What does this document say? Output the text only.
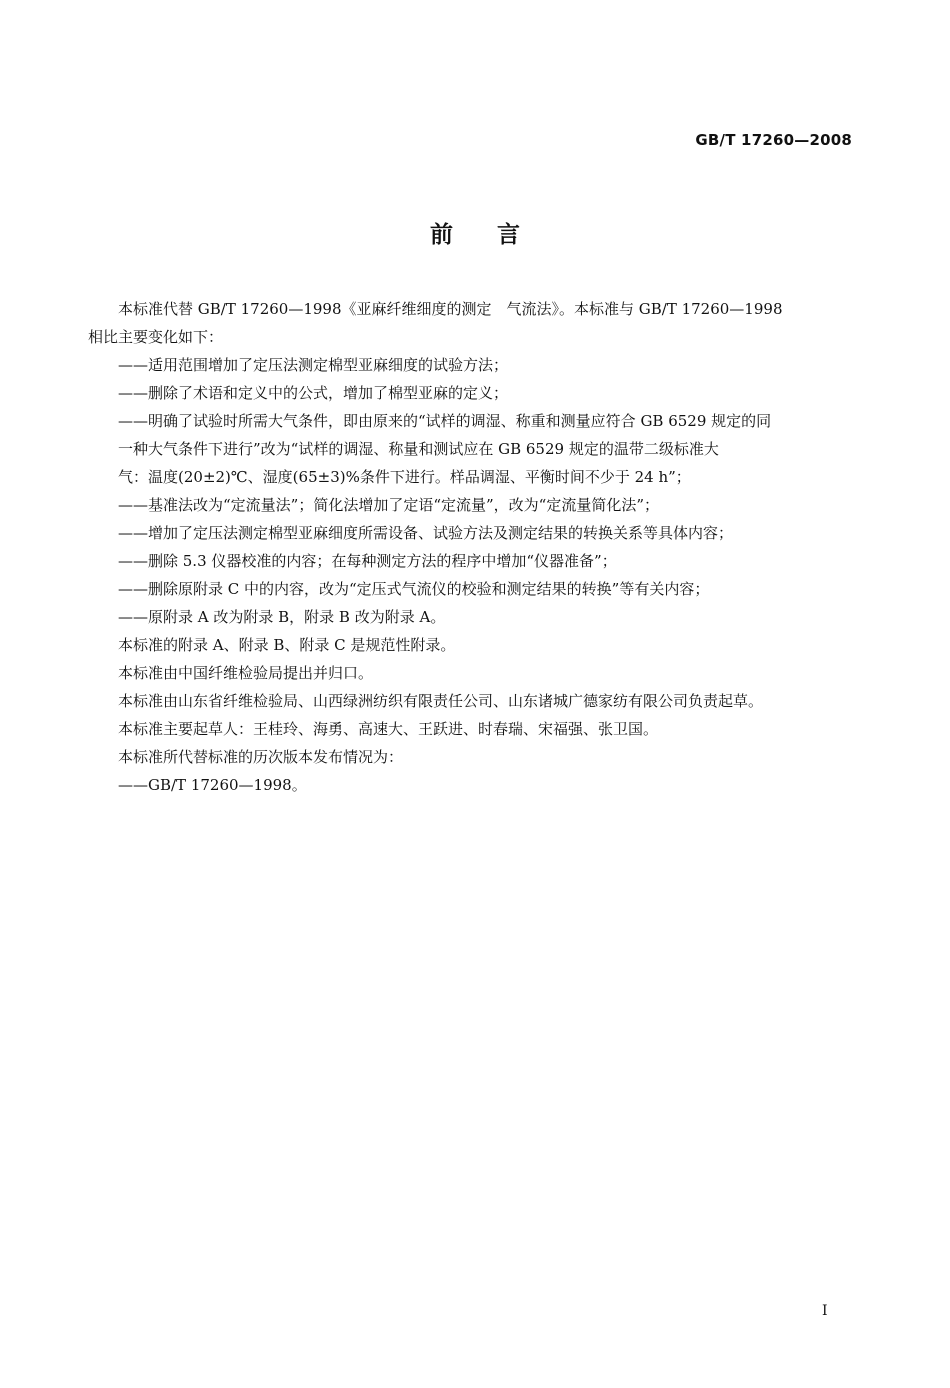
GB/T 17260—2008
前言

本标准代替 GB/T 17260—1998《亚麻纤维细度的测定　气流法》。本标准与 GB/T 17260—1998

相比主要变化如下：

——适用范围增加了定压法测定棉型亚麻细度的试验方法；

——删除了术语和定义中的公式，增加了棉型亚麻的定义；

——明确了试验时所需大气条件，即由原来的“试样的调湿、称重和测量应符合 GB 6529 规定的同

一种大气条件下进行”改为“试样的调湿、称量和测试应在 GB 6529 规定的温带二级标准大

气：温度(20±2)℃、湿度(65±3)%条件下进行。样品调湿、平衡时间不少于 24 h”；

——基准法改为“定流量法”；简化法增加了定语“定流量”，改为“定流量简化法”；

——增加了定压法测定棉型亚麻细度所需设备、试验方法及测定结果的转换关系等具体内容；

——删除 5.3 仪器校准的内容；在每种测定方法的程序中增加“仪器准备”；

——删除原附录 C 中的内容，改为“定压式气流仪的校验和测定结果的转换”等有关内容；

——原附录 A 改为附录 B，附录 B 改为附录 A。

本标准的附录 A、附录 B、附录 C 是规范性附录。

本标准由中国纤维检验局提出并归口。

本标准由山东省纤维检验局、山西绿洲纺织有限责任公司、山东诸城广德家纺有限公司负责起草。

本标准主要起草人：王桂玲、海勇、高速大、王跃进、时春瑞、宋福强、张卫国。

本标准所代替标准的历次版本发布情况为：

——GB/T 17260—1998。

I
